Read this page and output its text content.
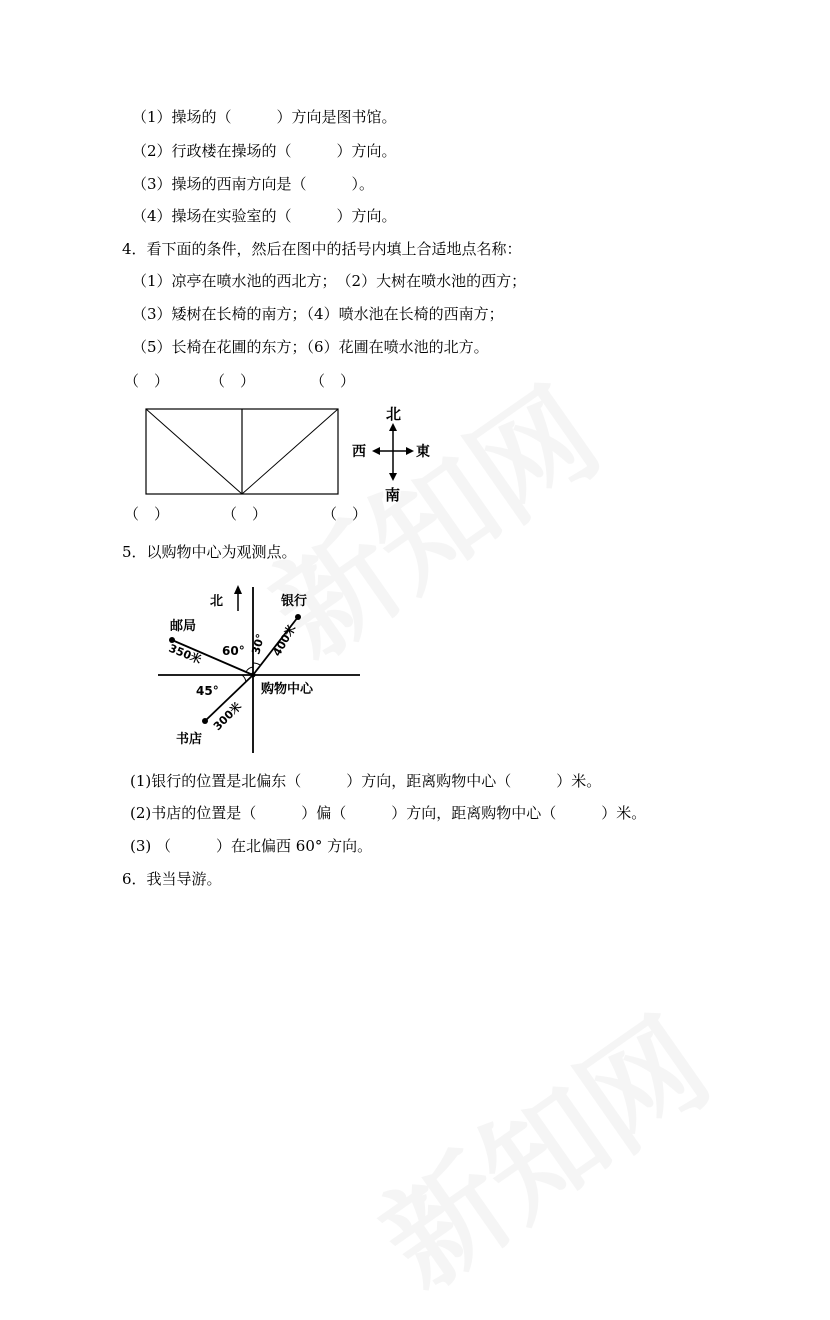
（1）操场的（　　　）方向是图书馆。
（2）行政楼在操场的（　　　）方向。
（3）操场的西南方向是（　　　）。
（4）操场在实验室的（　　　）方向。
4．看下面的条件，然后在图中的括号内填上合适地点名称：
（1）凉亭在喷水池的西北方；　（2）大树在喷水池的西方；
（3）矮树在长椅的南方；（4）喷水池在长椅的西南方；
（5）长椅在花圃的东方；（6）花圃在喷水池的北方。
（　）	（　）	（　）
北
南
西	東
（　）	（　）	（　）
5．以购物中心为观测点。
北	银行
400米
邮局
350米
书店
300米
60° 30°
45°	购物中心
(1)银行的位置是北偏东（　　　）方向，距离购物中心（　　　）米。
(2)书店的位置是（　　　）偏（　　　）方向，距离购物中心（　　　）米。
(3) （　　　）在北偏西 60° 方向。
6．我当导游。
